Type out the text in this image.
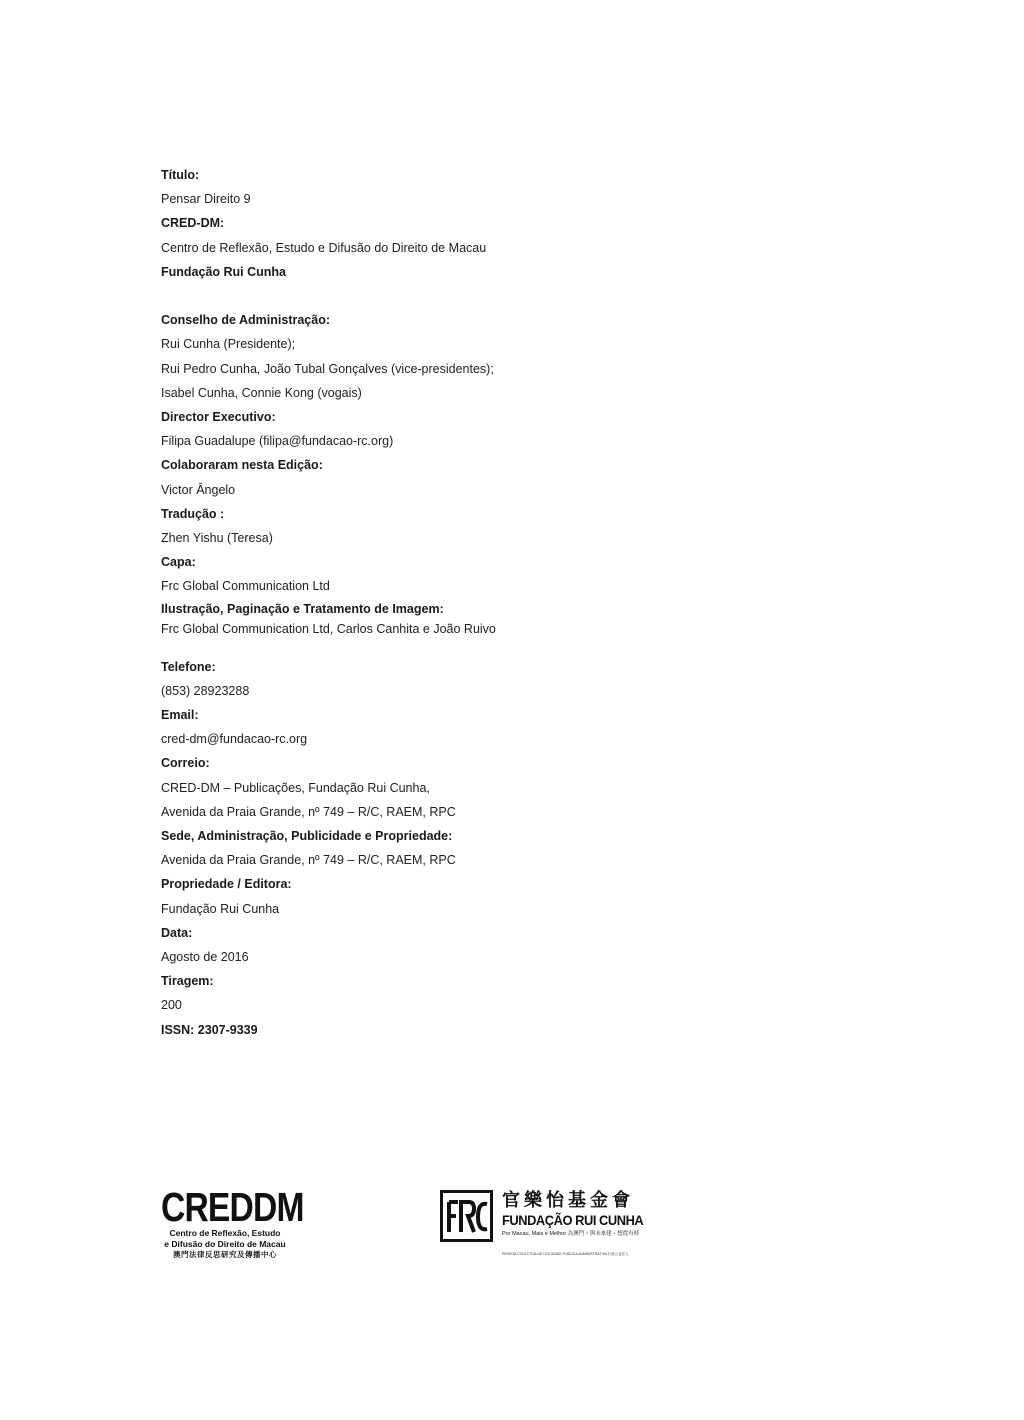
Título:
Pensar Direito 9
CRED-DM:
Centro de Reflexão, Estudo e Difusão do Direito de Macau
Fundação Rui Cunha
Conselho de Administração:
Rui Cunha (Presidente);
Rui Pedro Cunha, João Tubal Gonçalves (vice-presidentes);
Isabel Cunha, Connie Kong (vogais)
Director Executivo:
Filipa Guadalupe (filipa@fundacao-rc.org)
Colaboraram nesta Edição:
Victor Ângelo
Tradução :
Zhen Yishu (Teresa)
Capa:
Frc Global Communication Ltd
Ilustração, Paginação e Tratamento de Imagem:
Frc Global Communication Ltd, Carlos Canhita e João Ruivo
Telefone:
(853) 28923288
Email:
cred-dm@fundacao-rc.org
Correio:
CRED-DM – Publicações, Fundação Rui Cunha,
Avenida da Praia Grande, nº 749 – R/C, RAEM, RPC
Sede, Administração, Publicidade e Propriedade:
Avenida da Praia Grande, nº 749 – R/C, RAEM, RPC
Propriedade / Editora:
Fundação Rui Cunha
Data:
Agosto de 2016
Tiragem:
200
ISSN: 2307-9339
CREDDM
Centro de Reflexão, Estudo
e Difusão do Direito de Macau
澳門法律反思研究及傳播中心
官樂怡基金會
FUNDAÇÃO RUI CUNHA
Por Macau, Mais e Melhor 為澳門・與未來建・想從有時
PESSOA COLECTIVA DE UTILIDADE PÚBLICA ADMINISTRATIVA 行政公益法人
